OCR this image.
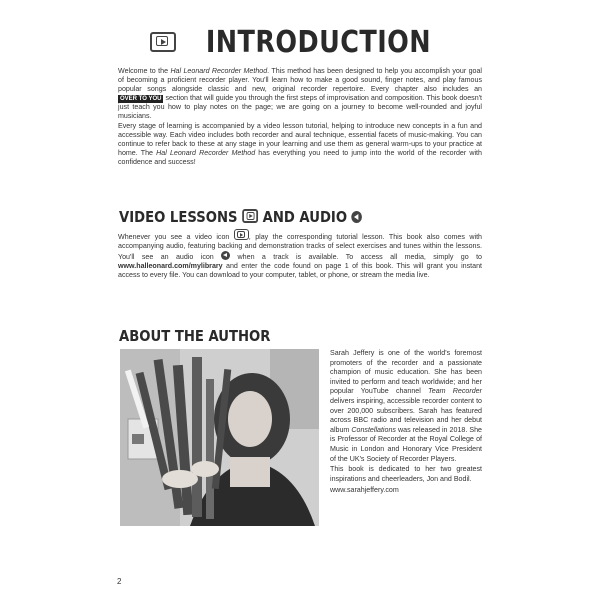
INTRODUCTION
Welcome to the Hal Leonard Recorder Method. This method has been designed to help you accomplish your goal of becoming a proficient recorder player. You'll learn how to make a good sound, finger notes, and play famous popular songs alongside classic and new, original recorder repertoire. Every chapter also includes an OVER TO YOU section that will guide you through the first steps of improvisation and composition. This book doesn't just teach you how to play notes on the page; we are going on a journey to become well-rounded and joyful musicians.
Every stage of learning is accompanied by a video lesson tutorial, helping to introduce new concepts in a fun and accessible way. Each video includes both recorder and aural technique, essential facets of music-making. You can continue to refer back to these at any stage in your learning and use them as general warm-ups to your practice at home. The Hal Leonard Recorder Method has everything you need to jump into the world of the recorder with confidence and success!
VIDEO LESSONS AND AUDIO
Whenever you see a video icon , play the corresponding tutorial lesson. This book also comes with accompanying audio, featuring backing and demonstration tracks of select exercises and tunes within the lessons. You'll see an audio icon  when a track is available. To access all media, simply go to www.halleonard.com/mylibrary and enter the code found on page 1 of this book. This will grant you instant access to every file. You can download to your computer, tablet, or phone, or stream the media live.
ABOUT THE AUTHOR
Sarah Jeffery is one of the world's foremost promoters of the recorder and a passionate champion of music education. She has been invited to perform and teach worldwide; and her popular YouTube channel Team Recorder delivers inspiring, accessible recorder content to over 200,000 subscribers. Sarah has featured across BBC radio and television and her debut album Constellations was released in 2018. She is Professor of Recorder at the Royal College of Music in London and Honorary Vice President of the UK's Society of Recorder Players.
This book is dedicated to her two greatest inspirations and cheerleaders, Jon and Bodil.
www.sarahjeffery.com
2
